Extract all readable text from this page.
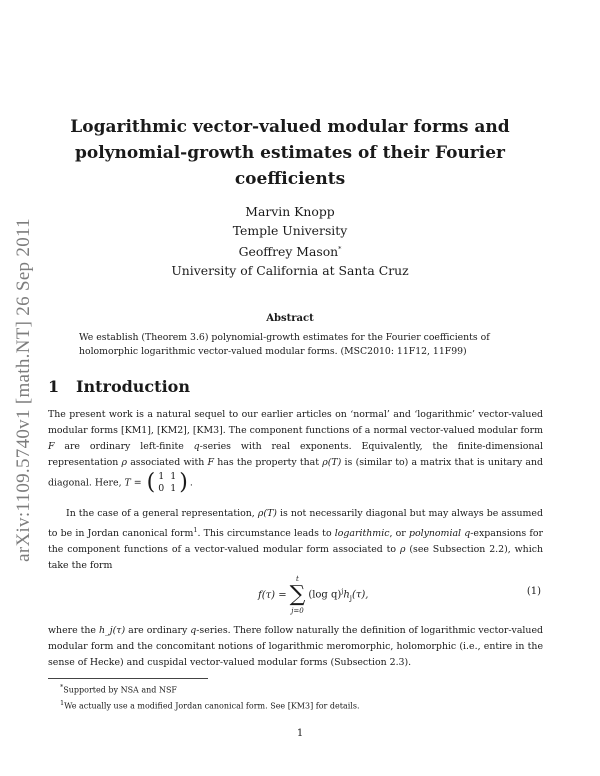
arXiv:1109.5740v1 [math.NT] 26 Sep 2011
Logarithmic vector-valued modular forms and polynomial-growth estimates of their Fourier coefficients
Marvin Knopp
Temple University
Geoffrey Mason*
University of California at Santa Cruz
Abstract
We establish (Theorem 3.6) polynomial-growth estimates for the Fourier coefficients of holomorphic logarithmic vector-valued modular forms. (MSC2010: 11F12, 11F99)
1 Introduction
The present work is a natural sequel to our earlier articles on ‘normal’ and ‘logarithmic’ vector-valued modular forms [KM1], [KM2], [KM3]. The component functions of a normal vector-valued modular form F are ordinary left-finite q-series with real exponents. Equivalently, the finite-dimensional representation ρ associated with F has the property that ρ(T) is (similar to) a matrix that is unitary and diagonal. Here, T = ( 1 1
0 1 ) .
In the case of a general representation, ρ(T) is not necessarily diagonal but may always be assumed to be in Jordan canonical form$^1$. This circumstance leads to logarithmic, or polynomial q-expansions for the component functions of a vector-valued modular form associated to ρ (see Subsection 2.2), which take the form
f(τ) =
t
∑
j=0
(log $q)^jh_j(\tau)$,	(1)
where the h_j(τ) are ordinary q-series. There follow naturally the definition of logarithmic vector-valued modular form and the concomitant notions of logarithmic meromorphic, holomorphic (i.e., entire in the sense of Hecke) and cuspidal vector-valued modular forms (Subsection 2.3).
*Supported by NSA and NSF
$^1$We actually use a modified Jordan canonical form. See [KM3] for details.
1
